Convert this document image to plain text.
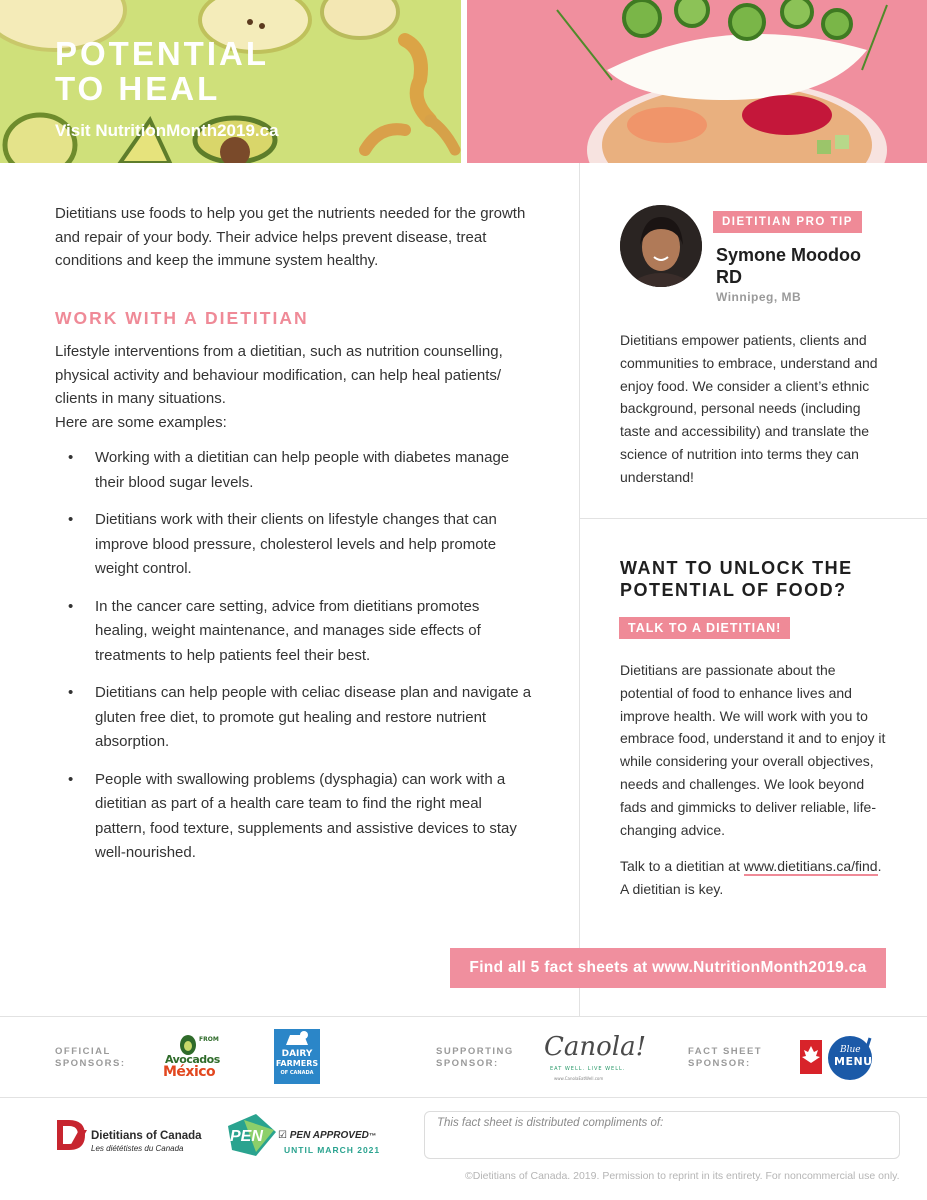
POTENTIAL
TO HEAL
Visit NutritionMonth2019.ca

Dietitians use foods to help you get the nutrients needed for the growth and repair of your body. Their advice helps prevent disease, treat conditions and keep the immune system healthy.

WORK WITH A DIETITIAN

Lifestyle interventions from a dietitian, such as nutrition counselling, physical activity and behaviour modification, can help heal patients/ clients in many situations.

Here are some examples:

• Working with a dietitian can help people with diabetes manage their blood sugar levels.
• Dietitians work with their clients on lifestyle changes that can improve blood pressure, cholesterol levels and help promote weight control.
• In the cancer care setting, advice from dietitians promotes healing, weight maintenance, and manages side effects of treatments to help patients feel their best.
• Dietitians can help people with celiac disease plan and navigate a gluten free diet, to promote gut healing and restore nutrient absorption.
• People with swallowing problems (dysphagia) can work with a dietitian as part of a health care team to find the right meal pattern, food texture, supplements and assistive devices to stay well-nourished.
DIETITIAN PRO TIP
Symone Moodoo RD
Winnipeg, MB

Dietitians empower patients, clients and communities to embrace, understand and enjoy food. We consider a client’s ethnic background, personal needs (including taste and accessibility) and translate the science of nutrition into terms they can understand!

WANT TO UNLOCK THE POTENTIAL OF FOOD?
TALK TO A DIETITIAN!

Dietitians are passionate about the potential of food to enhance lives and improve health. We will work with you to embrace food, understand it and to enjoy it while considering your overall objectives, needs and challenges. We look beyond fads and gimmicks to deliver reliable, life-changing advice.

Talk to a dietitian at www.dietitians.ca/find.
A dietitian is key.
Find all 5 fact sheets at www.NutritionMonth2019.ca
OFFICIAL
SPONSORS:
FROM
Avocados
México
DAIRY
FARMERS
OF CANADA
SUPPORTING
SPONSOR:
Canola!
EAT WELL. LIVE WELL.
www.CanolaEatWell.com
FACT SHEET
SPONSOR:
Blue
MENU
Dietitians of Canada
Les diététistes du Canada
PEN ☑ PEN APPROVED™
UNTIL MARCH 2021
This fact sheet is distributed compliments of:
©Dietitians of Canada. 2019. Permission to reprint in its entirety. For noncommercial use only.
